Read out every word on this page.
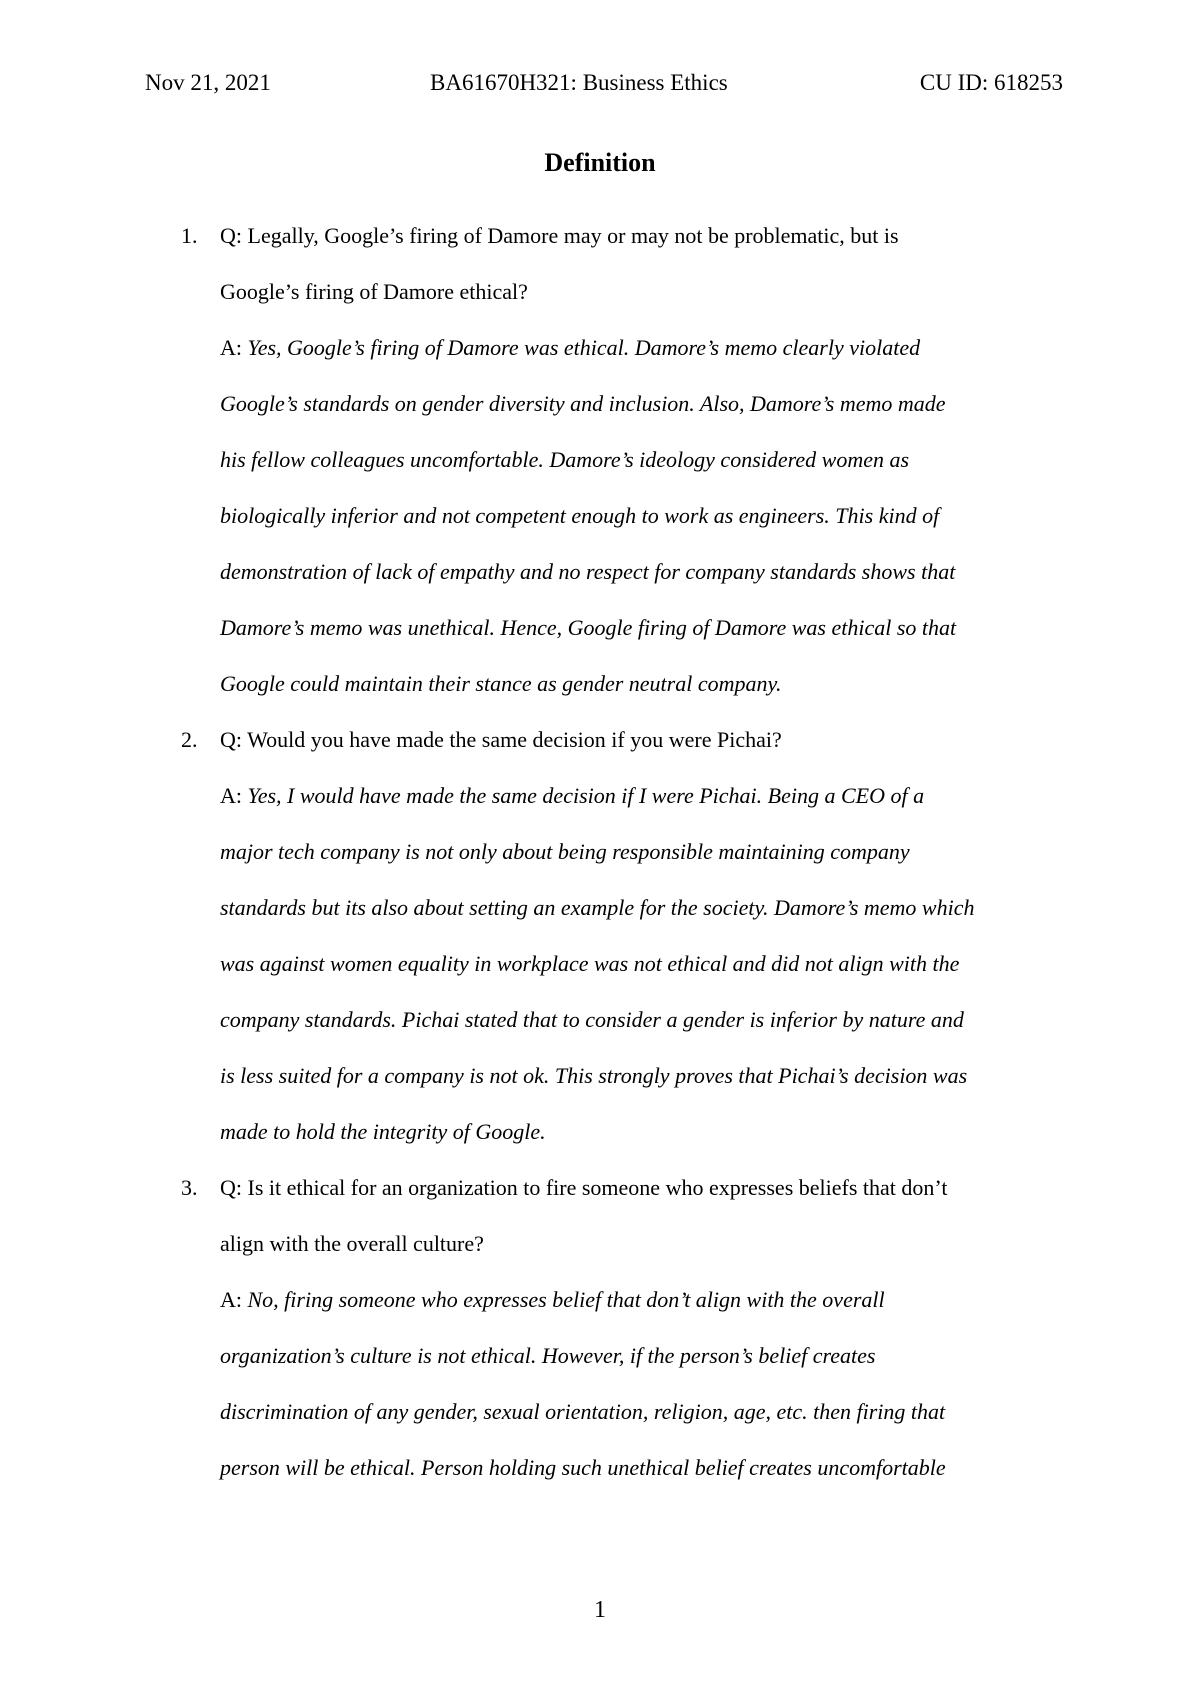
Nov 21, 2021	BA61670H321: Business Ethics	CU ID: 618253
Definition
1. Q: Legally, Google’s firing of Damore may or may not be problematic, but is
Google’s firing of Damore ethical?
A: Yes, Google’s firing of Damore was ethical. Damore’s memo clearly violated
Google’s standards on gender diversity and inclusion. Also, Damore’s memo made
his fellow colleagues uncomfortable. Damore’s ideology considered women as
biologically inferior and not competent enough to work as engineers. This kind of
demonstration of lack of empathy and no respect for company standards shows that
Damore’s memo was unethical. Hence, Google firing of Damore was ethical so that
Google could maintain their stance as gender neutral company.
2. Q: Would you have made the same decision if you were Pichai?
A: Yes, I would have made the same decision if I were Pichai. Being a CEO of a
major tech company is not only about being responsible maintaining company
standards but its also about setting an example for the society. Damore’s memo which
was against women equality in workplace was not ethical and did not align with the
company standards. Pichai stated that to consider a gender is inferior by nature and
is less suited for a company is not ok. This strongly proves that Pichai’s decision was
made to hold the integrity of Google.
3. Q: Is it ethical for an organization to fire someone who expresses beliefs that don’t
align with the overall culture?
A: No, firing someone who expresses belief that don’t align with the overall
organization’s culture is not ethical. However, if the person’s belief creates
discrimination of any gender, sexual orientation, religion, age, etc. then firing that
person will be ethical. Person holding such unethical belief creates uncomfortable
1
